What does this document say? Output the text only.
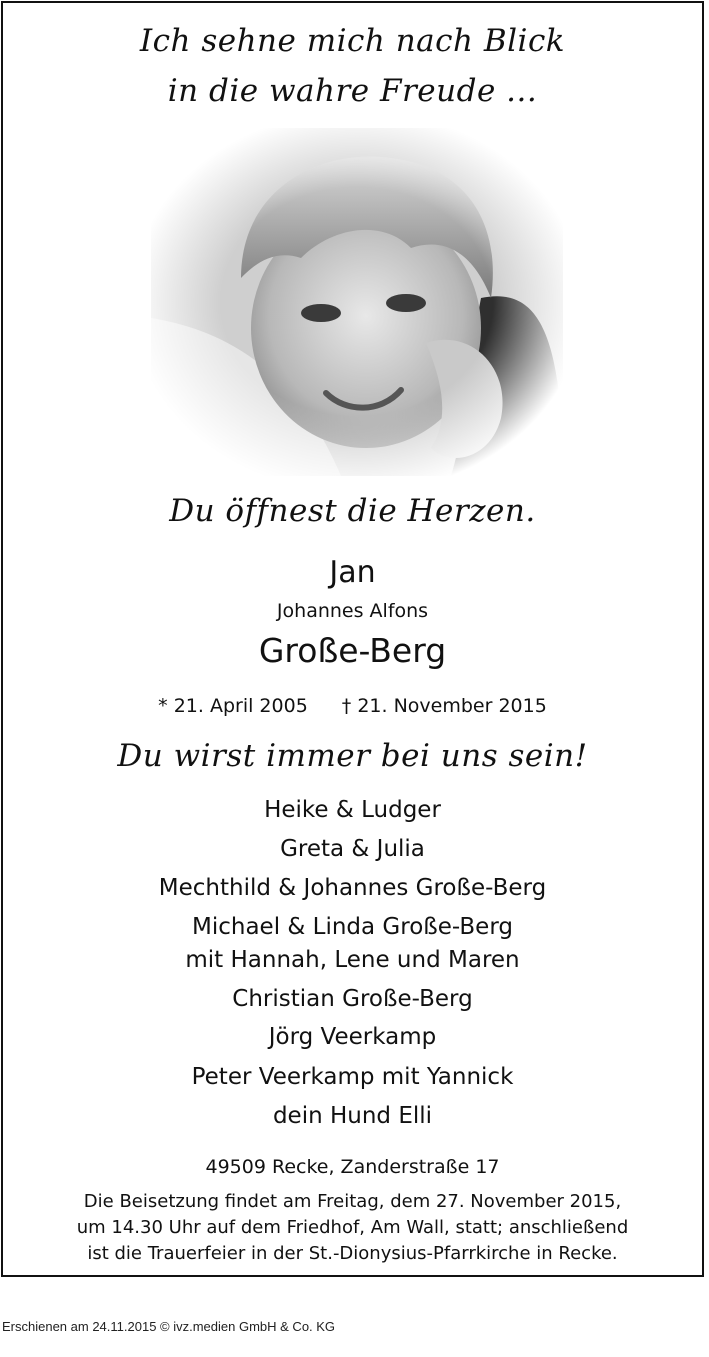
Ich sehne mich nach Blick
in die wahre Freude ...
Du öffnest die Herzen.
Jan
Johannes Alfons
Große-Berg
* 21. April 2005 † 21. November 2015
Du wirst immer bei uns sein!
Heike & Ludger
Greta & Julia
Mechthild & Johannes Große-Berg
Michael & Linda Große-Berg
mit Hannah, Lene und Maren
Christian Große-Berg
Jörg Veerkamp
Peter Veerkamp mit Yannick
dein Hund Elli
49509 Recke, Zanderstraße 17
Die Beisetzung findet am Freitag, dem 27. November 2015,
um 14.30 Uhr auf dem Friedhof, Am Wall, statt; anschließend
ist die Trauerfeier in der St.-Dionysius-Pfarrkirche in Recke.
Erschienen am 24.11.2015 © ivz.medien GmbH & Co. KG
